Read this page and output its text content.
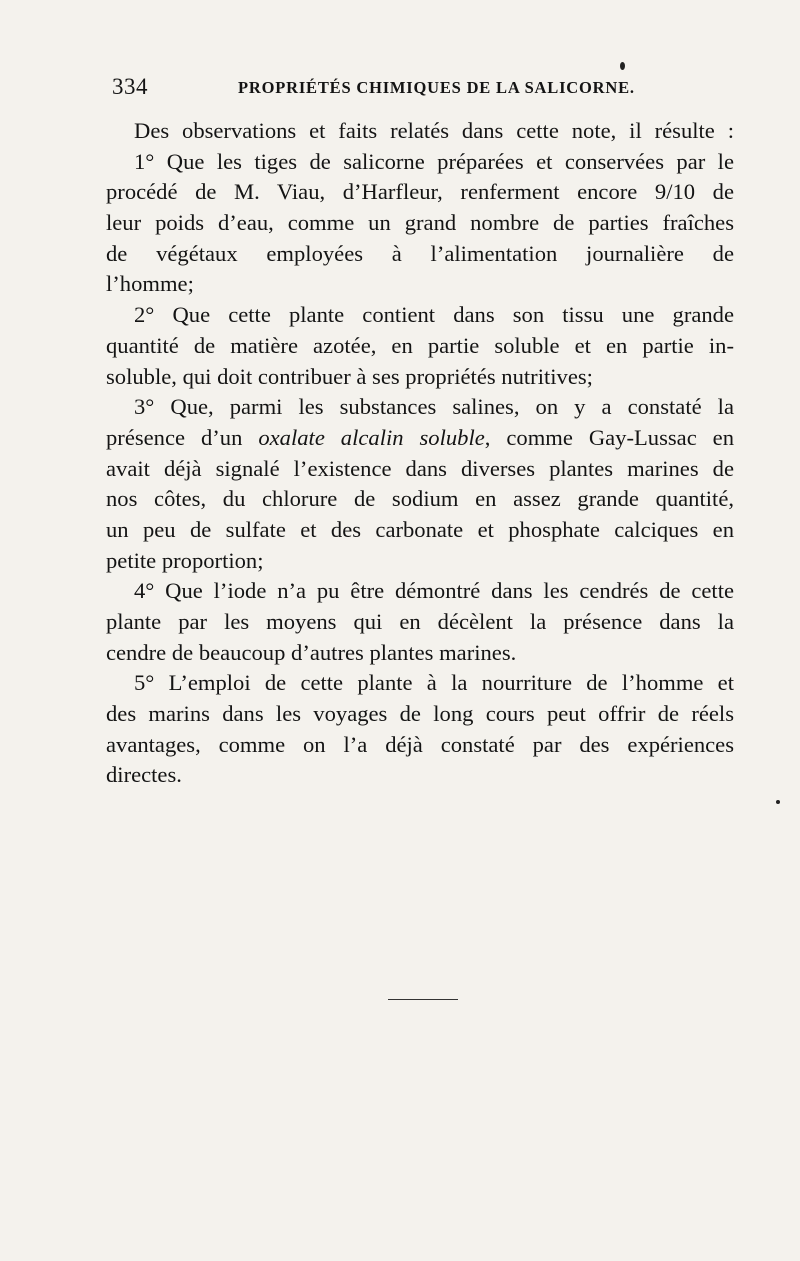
334	PROPRIÉTÉS CHIMIQUES DE LA SALICORNE.
Des observations et faits relatés dans cette note, il résulte :
1° Que les tiges de salicorne préparées et conservées par le
procédé de M. Viau, d’Harfleur, renferment encore 9/10 de
leur poids d’eau, comme un grand nombre de parties fraîches
de végétaux employées à l’alimentation journalière de
l’homme;
2° Que cette plante contient dans son tissu une grande
quantité de matière azotée, en partie soluble et en partie in-
soluble, qui doit contribuer à ses propriétés nutritives;
3° Que, parmi les substances salines, on y a constaté la
présence d’un oxalate alcalin soluble, comme Gay-Lussac en
avait déjà signalé l’existence dans diverses plantes marines de
nos côtes, du chlorure de sodium en assez grande quantité,
un peu de sulfate et des carbonate et phosphate calciques en
petite proportion;
4° Que l’iode n’a pu être démontré dans les cendrés de cette
plante par les moyens qui en décèlent la présence dans la
cendre de beaucoup d’autres plantes marines.
5° L’emploi de cette plante à la nourriture de l’homme et
des marins dans les voyages de long cours peut offrir de réels
avantages, comme on l’a déjà constaté par des expériences
directes.
